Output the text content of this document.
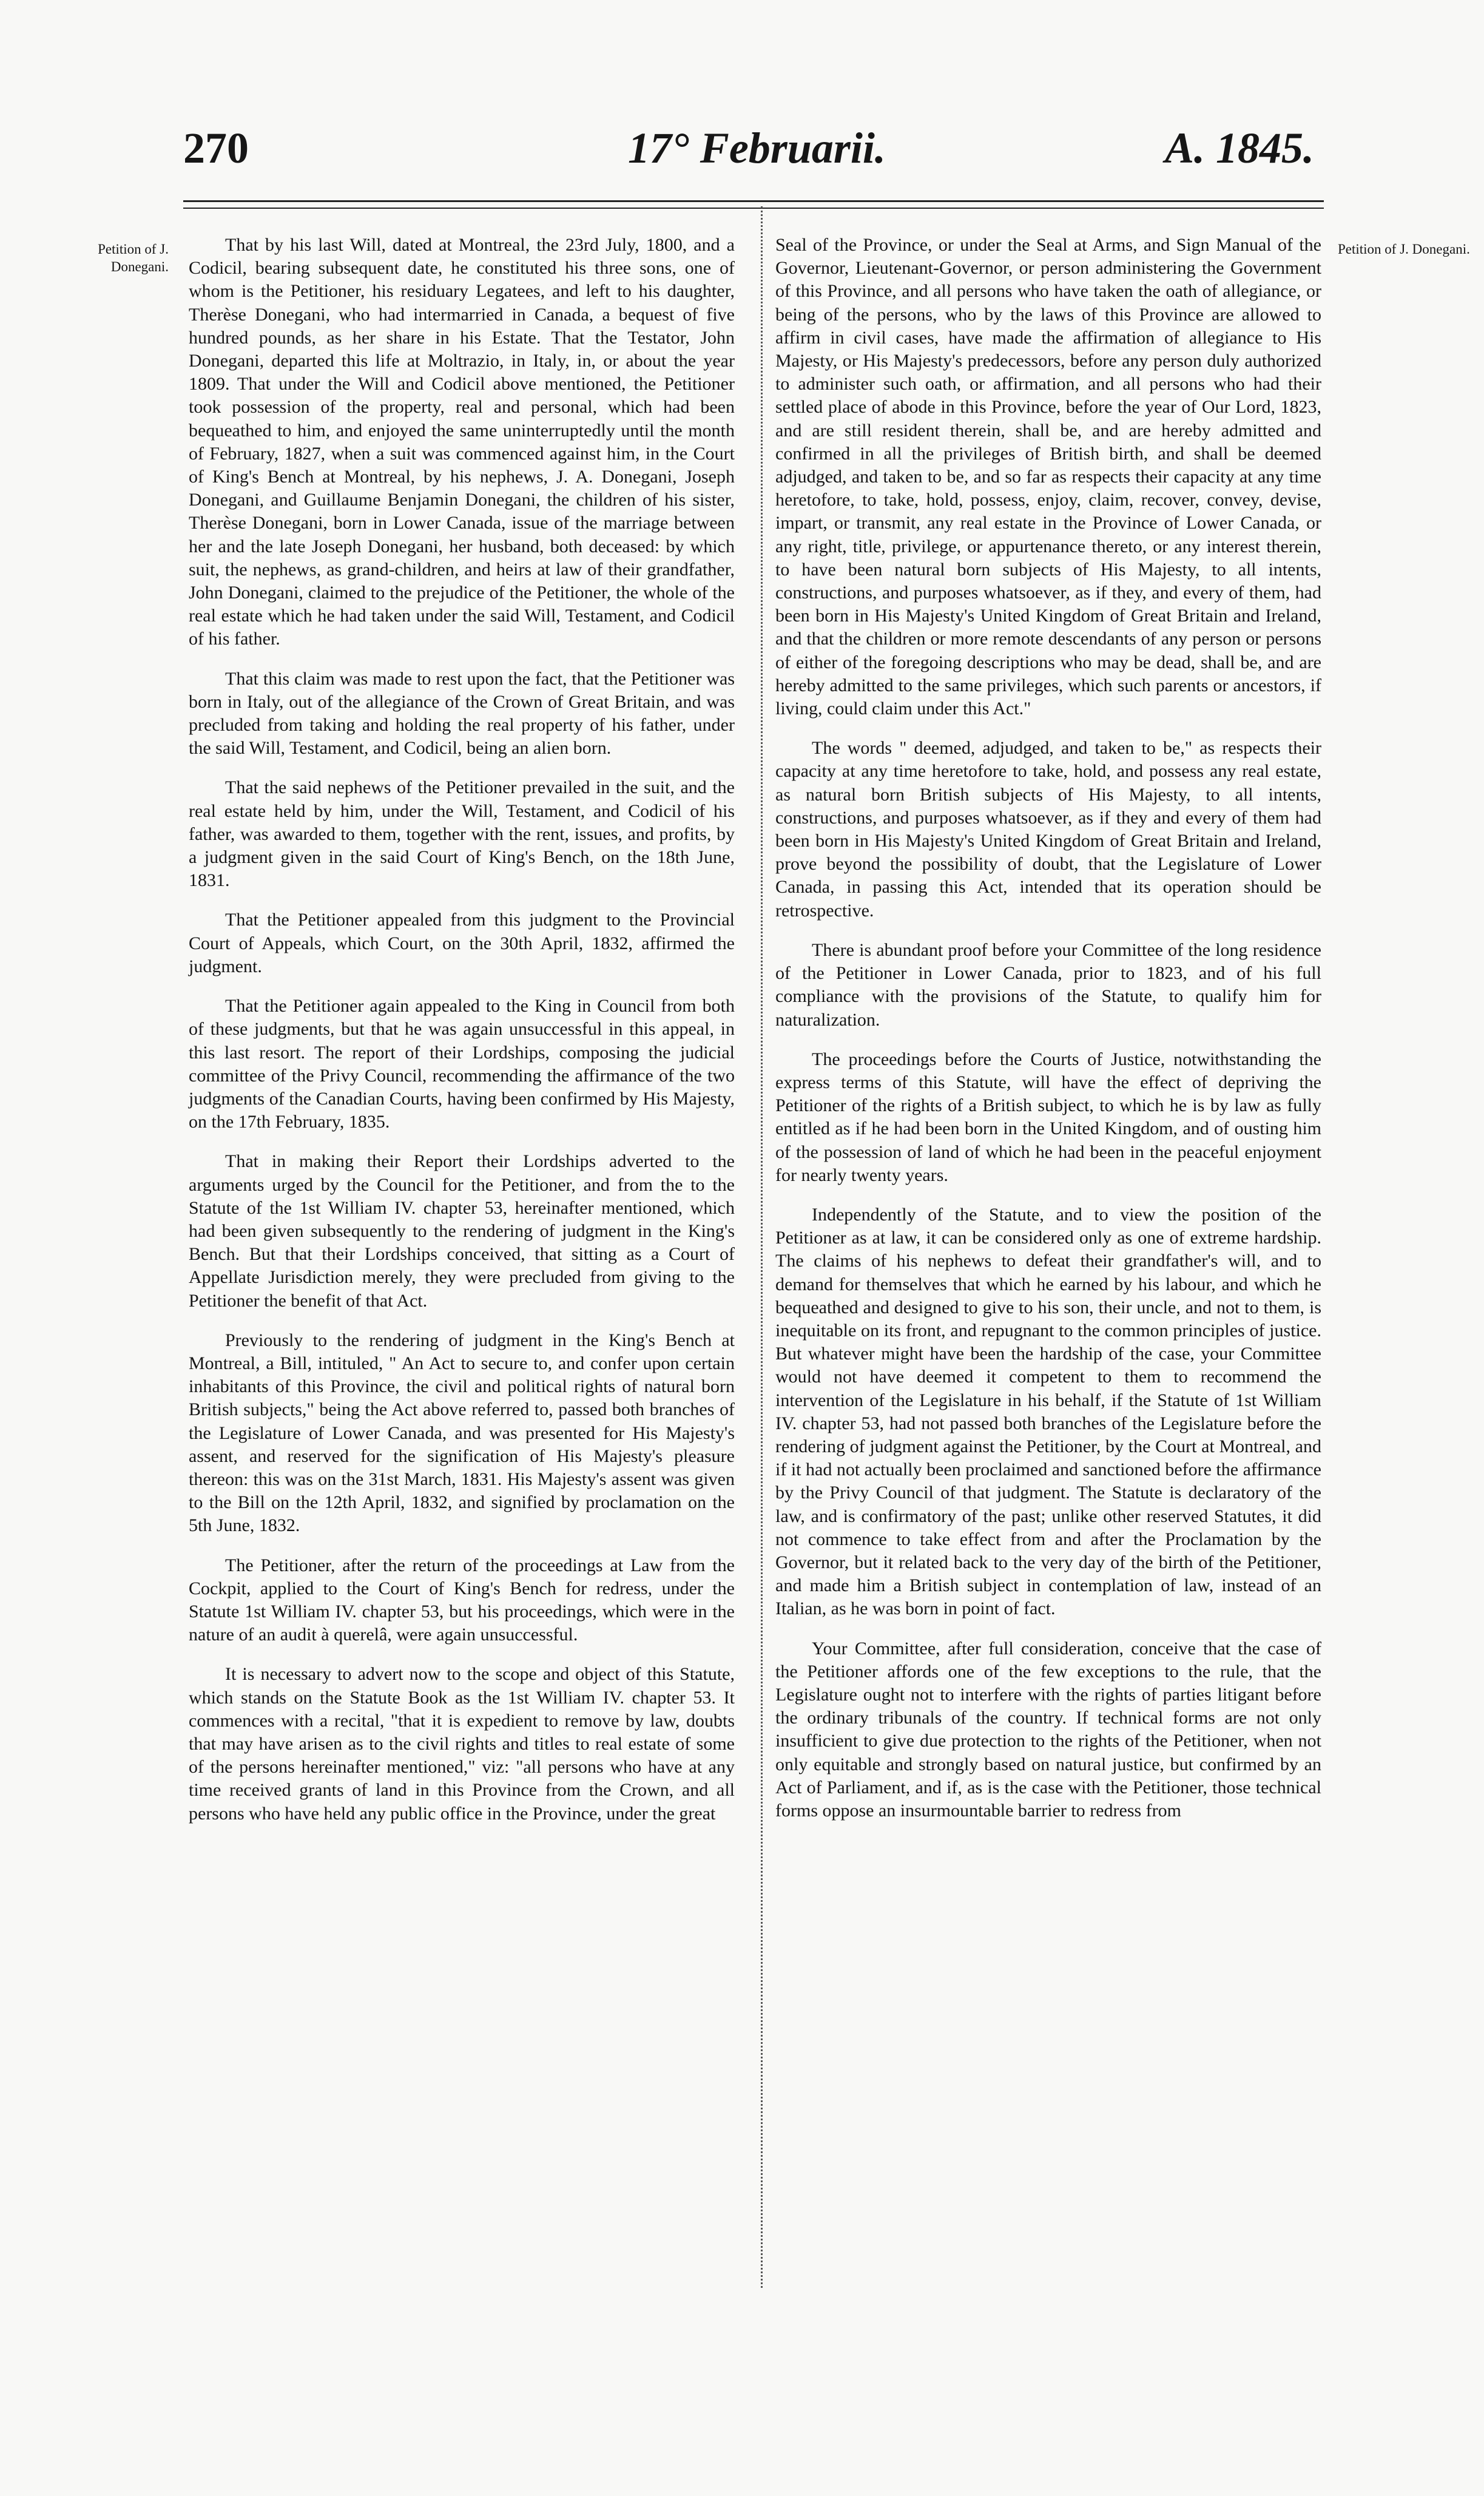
270	17° Februarii.	A. 1845.
Petition of J. Donegani.
Petition of J. Donegani.

That by his last Will, dated at Montreal, the 23rd July, 1800, and a Codicil, bearing subsequent date, he constituted his three sons, one of whom is the Petitioner, his residuary Legatees, and left to his daughter, Therèse Donegani, who had intermarried in Canada, a bequest of five hundred pounds, as her share in his Estate. That the Testator, John Donegani, departed this life at Moltrazio, in Italy, in, or about the year 1809. That under the Will and Codicil above mentioned, the Petitioner took possession of the property, real and personal, which had been bequeathed to him, and enjoyed the same uninterruptedly until the month of February, 1827, when a suit was commenced against him, in the Court of King's Bench at Montreal, by his nephews, J. A. Donegani, Joseph Donegani, and Guillaume Benjamin Donegani, the children of his sister, Therèse Donegani, born in Lower Canada, issue of the marriage between her and the late Joseph Donegani, her husband, both deceased: by which suit, the nephews, as grand-children, and heirs at law of their grandfather, John Donegani, claimed to the prejudice of the Petitioner, the whole of the real estate which he had taken under the said Will, Testament, and Codicil of his father.

That this claim was made to rest upon the fact, that the Petitioner was born in Italy, out of the allegiance of the Crown of Great Britain, and was precluded from taking and holding the real property of his father, under the said Will, Testament, and Codicil, being an alien born.

That the said nephews of the Petitioner prevailed in the suit, and the real estate held by him, under the Will, Testament, and Codicil of his father, was awarded to them, together with the rent, issues, and profits, by a judgment given in the said Court of King's Bench, on the 18th June, 1831.

That the Petitioner appealed from this judgment to the Provincial Court of Appeals, which Court, on the 30th April, 1832, affirmed the judgment.

That the Petitioner again appealed to the King in Council from both of these judgments, but that he was again unsuccessful in this appeal, in this last resort. The report of their Lordships, composing the judicial committee of the Privy Council, recommending the affirmance of the two judgments of the Canadian Courts, having been confirmed by His Majesty, on the 17th February, 1835.

That in making their Report their Lordships adverted to the arguments urged by the Council for the Petitioner, and from the to the Statute of the 1st William IV. chapter 53, hereinafter mentioned, which had been given subsequently to the rendering of judgment in the King's Bench. But that their Lordships conceived, that sitting as a Court of Appellate Jurisdiction merely, they were precluded from giving to the Petitioner the benefit of that Act.

Previously to the rendering of judgment in the King's Bench at Montreal, a Bill, intituled, " An Act to secure to, and confer upon certain inhabitants of this Province, the civil and political rights of natural born British subjects," being the Act above referred to, passed both branches of the Legislature of Lower Canada, and was presented for His Majesty's assent, and reserved for the signification of His Majesty's pleasure thereon: this was on the 31st March, 1831. His Majesty's assent was given to the Bill on the 12th April, 1832, and signified by proclamation on the 5th June, 1832.

The Petitioner, after the return of the proceedings at Law from the Cockpit, applied to the Court of King's Bench for redress, under the Statute 1st William IV. chapter 53, but his proceedings, which were in the nature of an audit à querelâ, were again unsuccessful.

It is necessary to advert now to the scope and object of this Statute, which stands on the Statute Book as the 1st William IV. chapter 53. It commences with a recital, "that it is expedient to remove by law, doubts that may have arisen as to the civil rights and titles to real estate of some of the persons hereinafter mentioned," viz: "all persons who have at any time received grants of land in this Province from the Crown, and all persons who have held any public office in the Province, under the great

Seal of the Province, or under the Seal at Arms, and Sign Manual of the Governor, Lieutenant-Governor, or person administering the Government of this Province, and all persons who have taken the oath of allegiance, or being of the persons, who by the laws of this Province are allowed to affirm in civil cases, have made the affirmation of allegiance to His Majesty, or His Majesty's predecessors, before any person duly authorized to administer such oath, or affirmation, and all persons who had their settled place of abode in this Province, before the year of Our Lord, 1823, and are still resident therein, shall be, and are hereby admitted and confirmed in all the privileges of British birth, and shall be deemed adjudged, and taken to be, and so far as respects their capacity at any time heretofore, to take, hold, possess, enjoy, claim, recover, convey, devise, impart, or transmit, any real estate in the Province of Lower Canada, or any right, title, privilege, or appurtenance thereto, or any interest therein, to have been natural born subjects of His Majesty, to all intents, constructions, and purposes whatsoever, as if they, and every of them, had been born in His Majesty's United Kingdom of Great Britain and Ireland, and that the children or more remote descendants of any person or persons of either of the foregoing descriptions who may be dead, shall be, and are hereby admitted to the same privileges, which such parents or ancestors, if living, could claim under this Act."

The words " deemed, adjudged, and taken to be," as respects their capacity at any time heretofore to take, hold, and possess any real estate, as natural born British subjects of His Majesty, to all intents, constructions, and purposes whatsoever, as if they and every of them had been born in His Majesty's United Kingdom of Great Britain and Ireland, prove beyond the possibility of doubt, that the Legislature of Lower Canada, in passing this Act, intended that its operation should be retrospective.

There is abundant proof before your Committee of the long residence of the Petitioner in Lower Canada, prior to 1823, and of his full compliance with the provisions of the Statute, to qualify him for naturalization.

The proceedings before the Courts of Justice, notwithstanding the express terms of this Statute, will have the effect of depriving the Petitioner of the rights of a British subject, to which he is by law as fully entitled as if he had been born in the United Kingdom, and of ousting him of the possession of land of which he had been in the peaceful enjoyment for nearly twenty years.

Independently of the Statute, and to view the position of the Petitioner as at law, it can be considered only as one of extreme hardship. The claims of his nephews to defeat their grandfather's will, and to demand for themselves that which he earned by his labour, and which he bequeathed and designed to give to his son, their uncle, and not to them, is inequitable on its front, and repugnant to the common principles of justice. But whatever might have been the hardship of the case, your Committee would not have deemed it competent to them to recommend the intervention of the Legislature in his behalf, if the Statute of 1st William IV. chapter 53, had not passed both branches of the Legislature before the rendering of judgment against the Petitioner, by the Court at Montreal, and if it had not actually been proclaimed and sanctioned before the affirmance by the Privy Council of that judgment. The Statute is declaratory of the law, and is confirmatory of the past; unlike other reserved Statutes, it did not commence to take effect from and after the Proclamation by the Governor, but it related back to the very day of the birth of the Petitioner, and made him a British subject in contemplation of law, instead of an Italian, as he was born in point of fact.

Your Committee, after full consideration, conceive that the case of the Petitioner affords one of the few exceptions to the rule, that the Legislature ought not to interfere with the rights of parties litigant before the ordinary tribunals of the country. If technical forms are not only insufficient to give due protection to the rights of the Petitioner, when not only equitable and strongly based on natural justice, but confirmed by an Act of Parliament, and if, as is the case with the Petitioner, those technical forms oppose an insurmountable barrier to redress from
